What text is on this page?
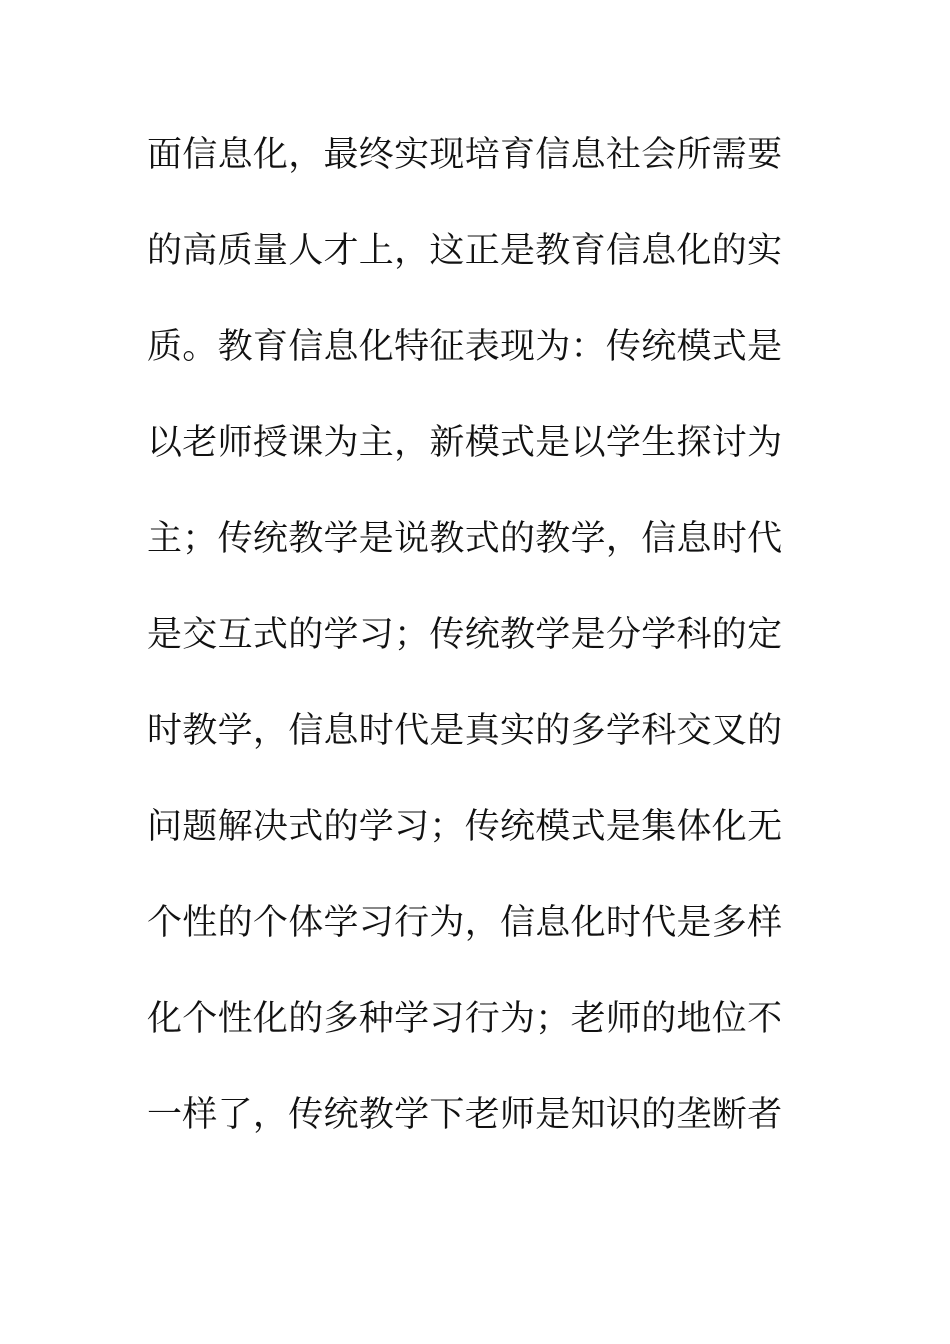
面信息化，最终实现培育信息社会所需要
的高质量人才上，这正是教育信息化的实
质。教育信息化特征表现为：传统模式是
以老师授课为主，新模式是以学生探讨为
主；传统教学是说教式的教学，信息时代
是交互式的学习；传统教学是分学科的定
时教学，信息时代是真实的多学科交叉的
问题解决式的学习；传统模式是集体化无
个性的个体学习行为，信息化时代是多样
化个性化的多种学习行为；老师的地位不
一样了，传统教学下老师是知识的垄断者
